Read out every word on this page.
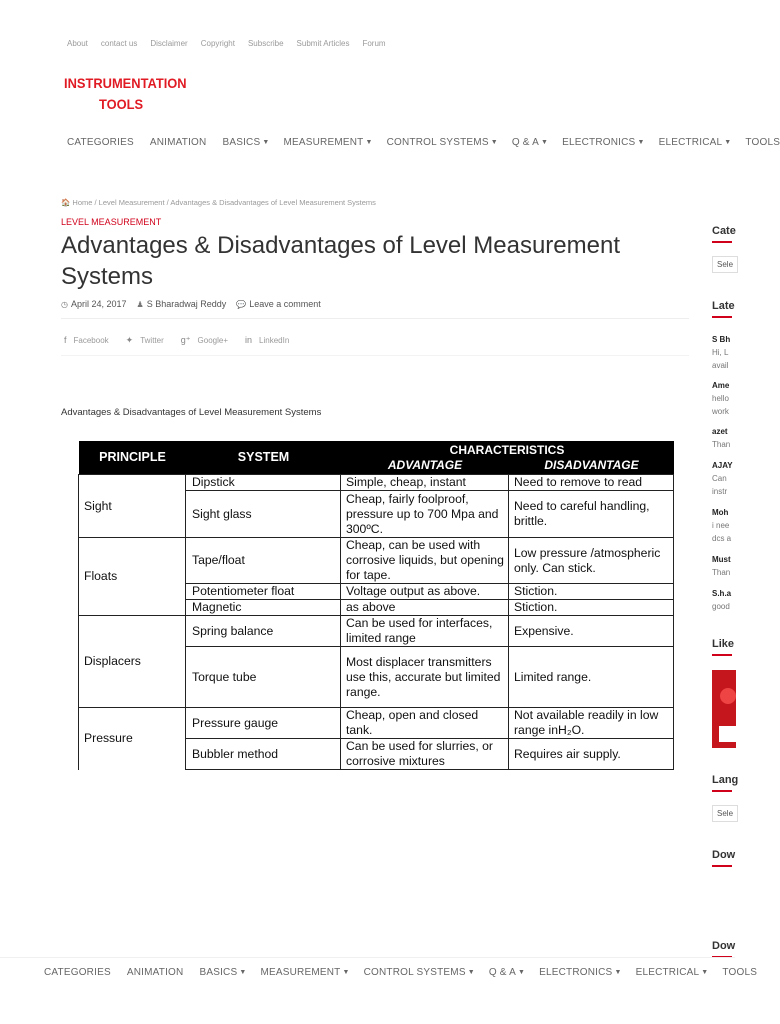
About contact us Disclaimer Copyright Subscribe Submit Articles Forum
INSTRUMENTATION
TOOLS
CATEGORIES ANIMATION BASICS ▼ MEASUREMENT ▼ CONTROL SYSTEMS ▼ Q & A ▼ ELECTRONICS ▼ ELECTRICAL ▼ TOOLS
🏠 Home / Level Measurement / Advantages & Disadvantages of Level Measurement Systems
LEVEL MEASUREMENT
Advantages & Disadvantages of Level Measurement Systems
◷ April 24, 2017 ♟ S Bharadwaj Reddy 💬 Leave a comment
f Facebook ✦ Twitter g⁺ Google+ in LinkedIn
Advantages & Disadvantages of Level Measurement Systems
PRINCIPLE	SYSTEM	CHARACTERISTICS	
		ADVANTAGE	DISADVANTAGE
Sight	Dipstick	Simple, cheap, instant	Need to remove to read
	Sight glass	Cheap, fairly foolproof, pressure up to 700 Mpa and 300ºC.	Need to careful handling, brittle.
Floats	Tape/float	Cheap, can be used with corrosive liquids, but opening for tape.	Low pressure /atmospheric only. Can stick.
	Potentiometer float	Voltage output as above.	Stiction.
	Magnetic	as above	Stiction.
Displacers	Spring balance	Can be used for interfaces, limited range	Expensive.
	Torque tube	Most displacer transmitters use this, accurate but limited range.	Limited range.
Pressure	Pressure gauge	Cheap, open and closed tank.	Not available readily in low range inH₂O.
	Bubbler method	Can be used for slurries, or corrosive mixtures	Requires air supply.
Cate
Sele
Late
S Bh
Hi, L avail
Ame
hello work
azet
Than
AJAY
Can instr
Moh
i nee dcs a
Must
Than
S.h.a
good
Like
Lang
Sele
Dow
Dow
CATEGORIES ANIMATION BASICS ▼ MEASUREMENT ▼ CONTROL SYSTEMS ▼ Q & A ▼ ELECTRONICS ▼ ELECTRICAL ▼ TOOLS
